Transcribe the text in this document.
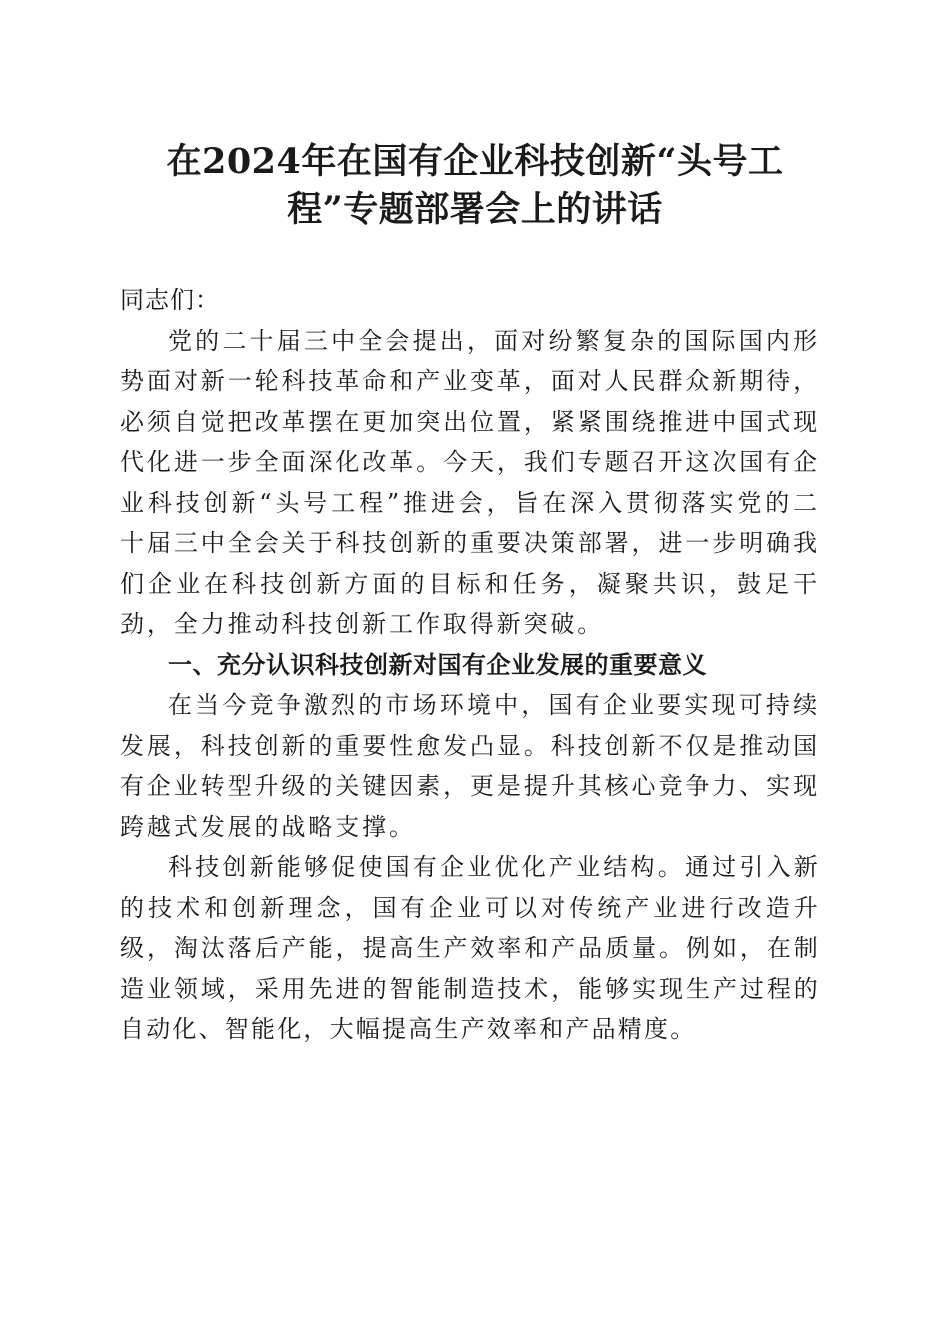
在2024年在国有企业科技创新“头号工
程”专题部署会上的讲话

同志们：

党的二十届三中全会提出，面对纷繁复杂的国际国内形势面对新一轮科技革命和产业变革，面对人民群众新期待，必须自觉把改革摆在更加突出位置，紧紧围绕推进中国式现代化进一步全面深化改革。今天，我们专题召开这次国有企业科技创新“头号工程”推进会，旨在深入贯彻落实党的二十届三中全会关于科技创新的重要决策部署，进一步明确我们企业在科技创新方面的目标和任务，凝聚共识，鼓足干劲，全力推动科技创新工作取得新突破。

一、充分认识科技创新对国有企业发展的重要意义

在当今竞争激烈的市场环境中，国有企业要实现可持续发展，科技创新的重要性愈发凸显。科技创新不仅是推动国有企业转型升级的关键因素，更是提升其核心竞争力、实现跨越式发展的战略支撑。

科技创新能够促使国有企业优化产业结构。通过引入新的技术和创新理念，国有企业可以对传统产业进行改造升级，淘汰落后产能，提高生产效率和产品质量。例如，在制造业领域，采用先进的智能制造技术，能够实现生产过程的自动化、智能化，大幅提高生产效率和产品精度。
